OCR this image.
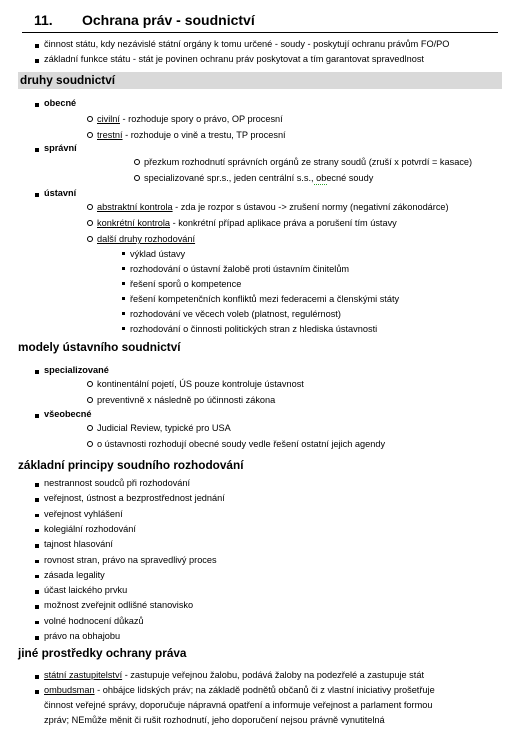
11. Ochrana práv - soudnictví
činnost státu, kdy nezávislé státní orgány k tomu určené - soudy - poskytují ochranu právům FO/PO
základní funkce státu - stát je povinen ochranu práv poskytovat a tím garantovat spravedlnost
druhy soudnictví
obecné
civilní - rozhoduje spory o právo, OP procesní
trestní - rozhoduje o vině a trestu, TP procesní
správní
přezkum rozhodnutí správních orgánů ze strany soudů (zruší x potvrdí = kasace)
specializované spr.s., jeden centrální s.s., obecné soudy
ústavní
abstraktní kontrola - zda je rozpor s ústavou -> zrušení normy (negativní zákonodárce)
konkrétní kontrola - konkrétní případ aplikace práva a porušení tím ústavy
další druhy rozhodování
výklad ústavy
rozhodování o ústavní žalobě proti ústavním činitelům
řešení sporů o kompetence
řešení kompetenčních konfliktů mezi federacemi a členskými státy
rozhodování ve věcech voleb (platnost, regulérnost)
rozhodování o činnosti politických stran z hlediska ústavnosti
modely ústavního soudnictví
specializované
kontinentální pojetí, ÚS pouze kontroluje ústavnost
preventivně x následně po účinnosti zákona
všeobecné
Judicial Review, typické pro USA
o ústavnosti rozhodují obecné soudy vedle řešení ostatní jejich agendy
základní principy soudního rozhodování
nestrannost soudců při rozhodování
veřejnost, ústnost a bezprostřednost jednání
veřejnost vyhlášení
kolegiální rozhodování
tajnost hlasování
rovnost stran, právo na spravedlivý proces
zásada legality
účast laického prvku
možnost zveřejnit odlišné stanovisko
volné hodnocení důkazů
právo na obhajobu
jiné prostředky ochrany práva
státní zastupitelství - zastupuje veřejnou žalobu, podává žaloby na podezřelé a zastupuje stát
ombudsman - ohbájce lidských práv; na základě podnětů občanů či z vlastní iniciativy prošetřuje
činnost veřejné správy, doporučuje nápravná opatření a informuje veřejnost a parlament formou
zpráv; NEmůže měnit či rušit rozhodnutí, jeho doporučení nejsou právně vynutitelná
